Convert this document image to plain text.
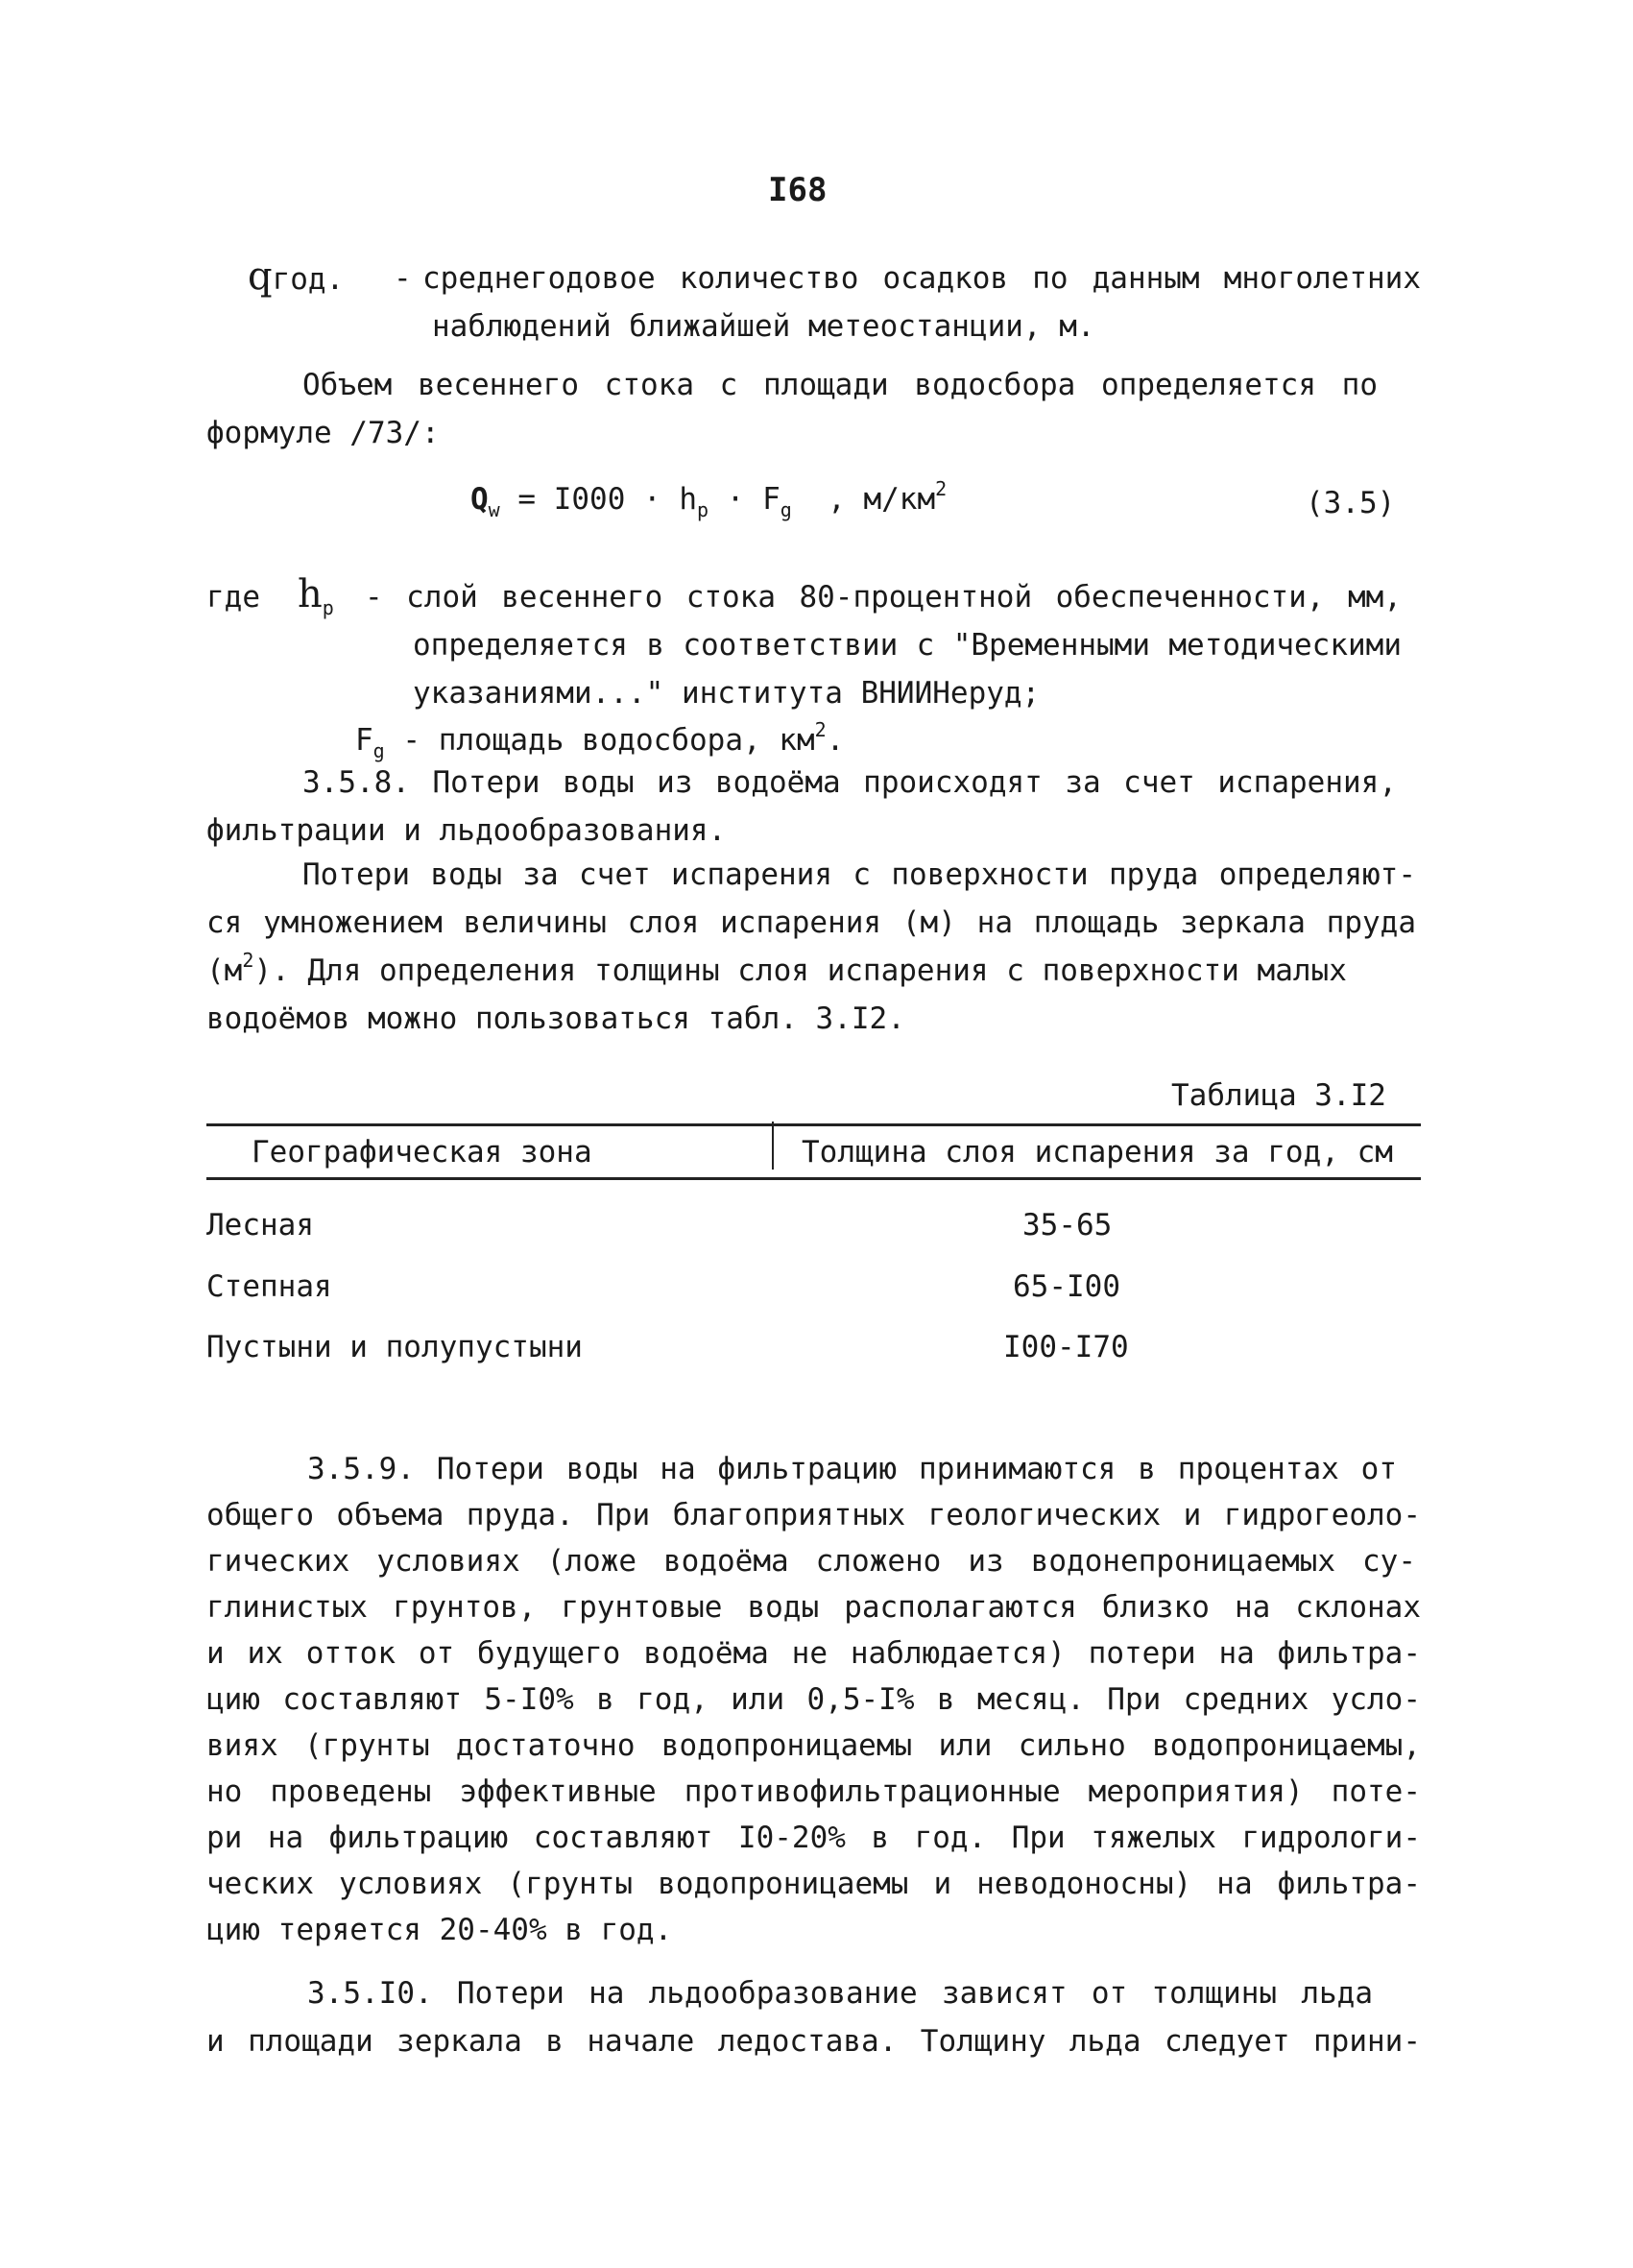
I68
qгод. - среднегодовое количество осадков по данным многолетних
наблюдений ближайшей метеостанции, м.
Объем весеннего стока с площади водосбора определяется по
формуле /73/:
$Q_w = I000 \cdot h_p \cdot F_g$ , $м/км^2$	(3.5)
где $h_p$ - слой весеннего стока 80-процентной обеспеченности, мм,
определяется в соответствии с "Временными методическими
указаниями..." института ВНИИНеруд;
$F_g$ - площадь водосбора, $км^2$.
3.5.8. Потери воды из водоёма происходят за счет испарения,
фильтрации и льдообразования.
Потери воды за счет испарения с поверхности пруда определяют-
ся умножением величины слоя испарения (м) на площадь зеркала пруда
$(м^2)$. Для определения толщины слоя испарения с поверхности малых
водоёмов можно пользоваться табл. 3.I2.
Таблица 3.I2
Географическая зона	Толщина слоя испарения за год, см
Лесная	35-65
Степная	65-I00
Пустыни и полупустыни	I00-I70
3.5.9. Потери воды на фильтрацию принимаются в процентах от
общего объема пруда. При благоприятных геологических и гидрогеоло-
гических условиях (ложе водоёма сложено из водонепроницаемых су-
глинистых грунтов, грунтовые воды располагаются близко на склонах
и их отток от будущего водоёма не наблюдается) потери на фильтра-
цию составляют 5-I0% в год, или 0,5-I% в месяц. При средних усло-
виях (грунты достаточно водопроницаемы или сильно водопроницаемы,
но проведены эффективные противофильтрационные мероприятия) поте-
ри на фильтрацию составляют I0-20% в год. При тяжелых гидрологи-
ческих условиях (грунты водопроницаемы и неводоносны) на фильтра-
цию теряется 20-40% в год.
3.5.I0. Потери на льдообразование зависят от толщины льда
и площади зеркала в начале ледостава. Толщину льда следует прини-
